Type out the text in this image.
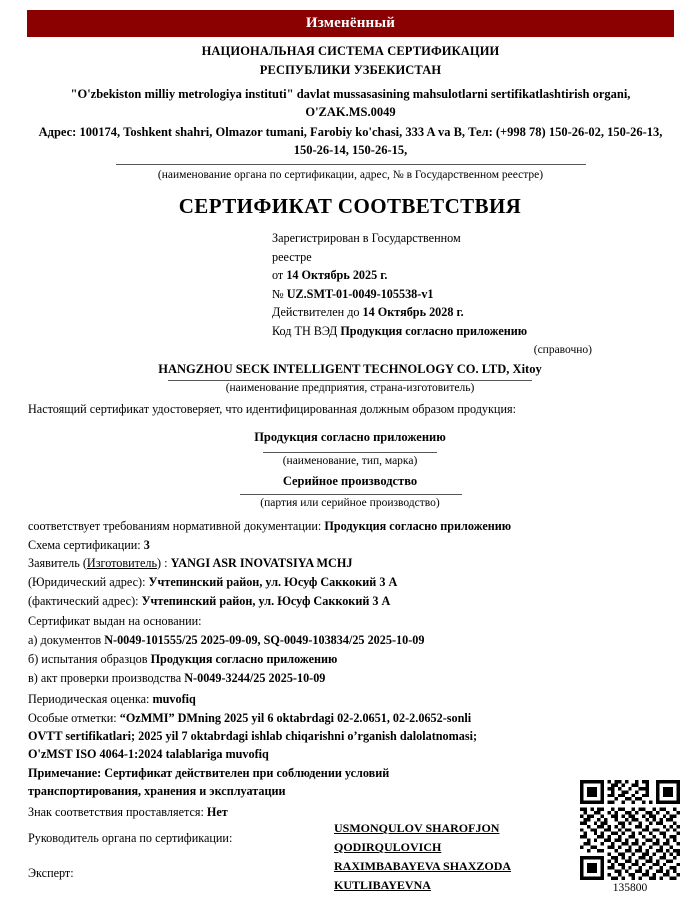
Изменённый
НАЦИОНАЛЬНАЯ СИСТЕМА СЕРТИФИКАЦИИ
РЕСПУБЛИКИ УЗБЕКИСТАН
"O'zbekiston milliy metrologiya instituti" davlat mussasasining mahsulotlarni sertifikatlashtirish organi, O'ZAK.MS.0049
Адрес: 100174, Toshkent shahri, Olmazor tumani, Farobiy ko'chasi, 333 A va B, Тел: (+998 78) 150-26-02, 150-26-13, 150-26-14, 150-26-15,
(наименование органа по сертификации, адрес, № в Государственном реестре)
СЕРТИФИКАТ СООТВЕТСТВИЯ
Зарегистрирован в Государственном
реестре
от 14 Октябрь 2025 г.
№ UZ.SMT-01-0049-105538-v1
Действителен до 14 Октябрь 2028 г.
Код ТН ВЭД Продукция согласно приложению
(справочно)
HANGZHOU SECK INTELLIGENT TECHNOLOGY CO. LTD, Xitoy
(наименование предприятия, страна-изготовитель)
Настоящий сертификат удостоверяет, что идентифицированная должным образом продукция:
Продукция согласно приложению
(наименование, тип, марка)
Серийное производство
(партия или серийное производство)
соответствует требованиям нормативной документации: Продукция согласно приложению
Схема сертификации: 3
Заявитель (Изготовитель) : YANGI ASR INOVATSIYA MCHJ
(Юридический адрес): Учтепинский район, ул. Юсуф Саккокий 3 А
(фактический адрес): Учтепинский район, ул. Юсуф Саккокий 3 А
Сертификат выдан на основании:
а) документов N-0049-101555/25 2025-09-09, SQ-0049-103834/25 2025-10-09
б) испытания образцов Продукция согласно приложению
в) акт проверки производства N-0049-3244/25 2025-10-09
Периодическая оценка: muvofiq
Особые отметки: “OzMMI” DMning 2025 yil 6 oktabrdagi 02-2.0651, 02-2.0652-sonli
OVTT sertifikatlari; 2025 yil 7 oktabrdagi ishlab chiqarishni o’rganish dalolatnomasi;
O'zMST ISO 4064-1:2024 talablariga muvofiq
Примечание: Сертификат действителен при соблюдении условий
транспортирования, хранения и эксплуатации
Знак соответствия проставляется: Нет
Руководитель органа по сертификации:
Эксперт:
USMONQULOV SHAROFJON
QODIRQULOVICH
RAXIMBABAYEVA SHAXZODA
KUTLIBAYEVNA	135800
